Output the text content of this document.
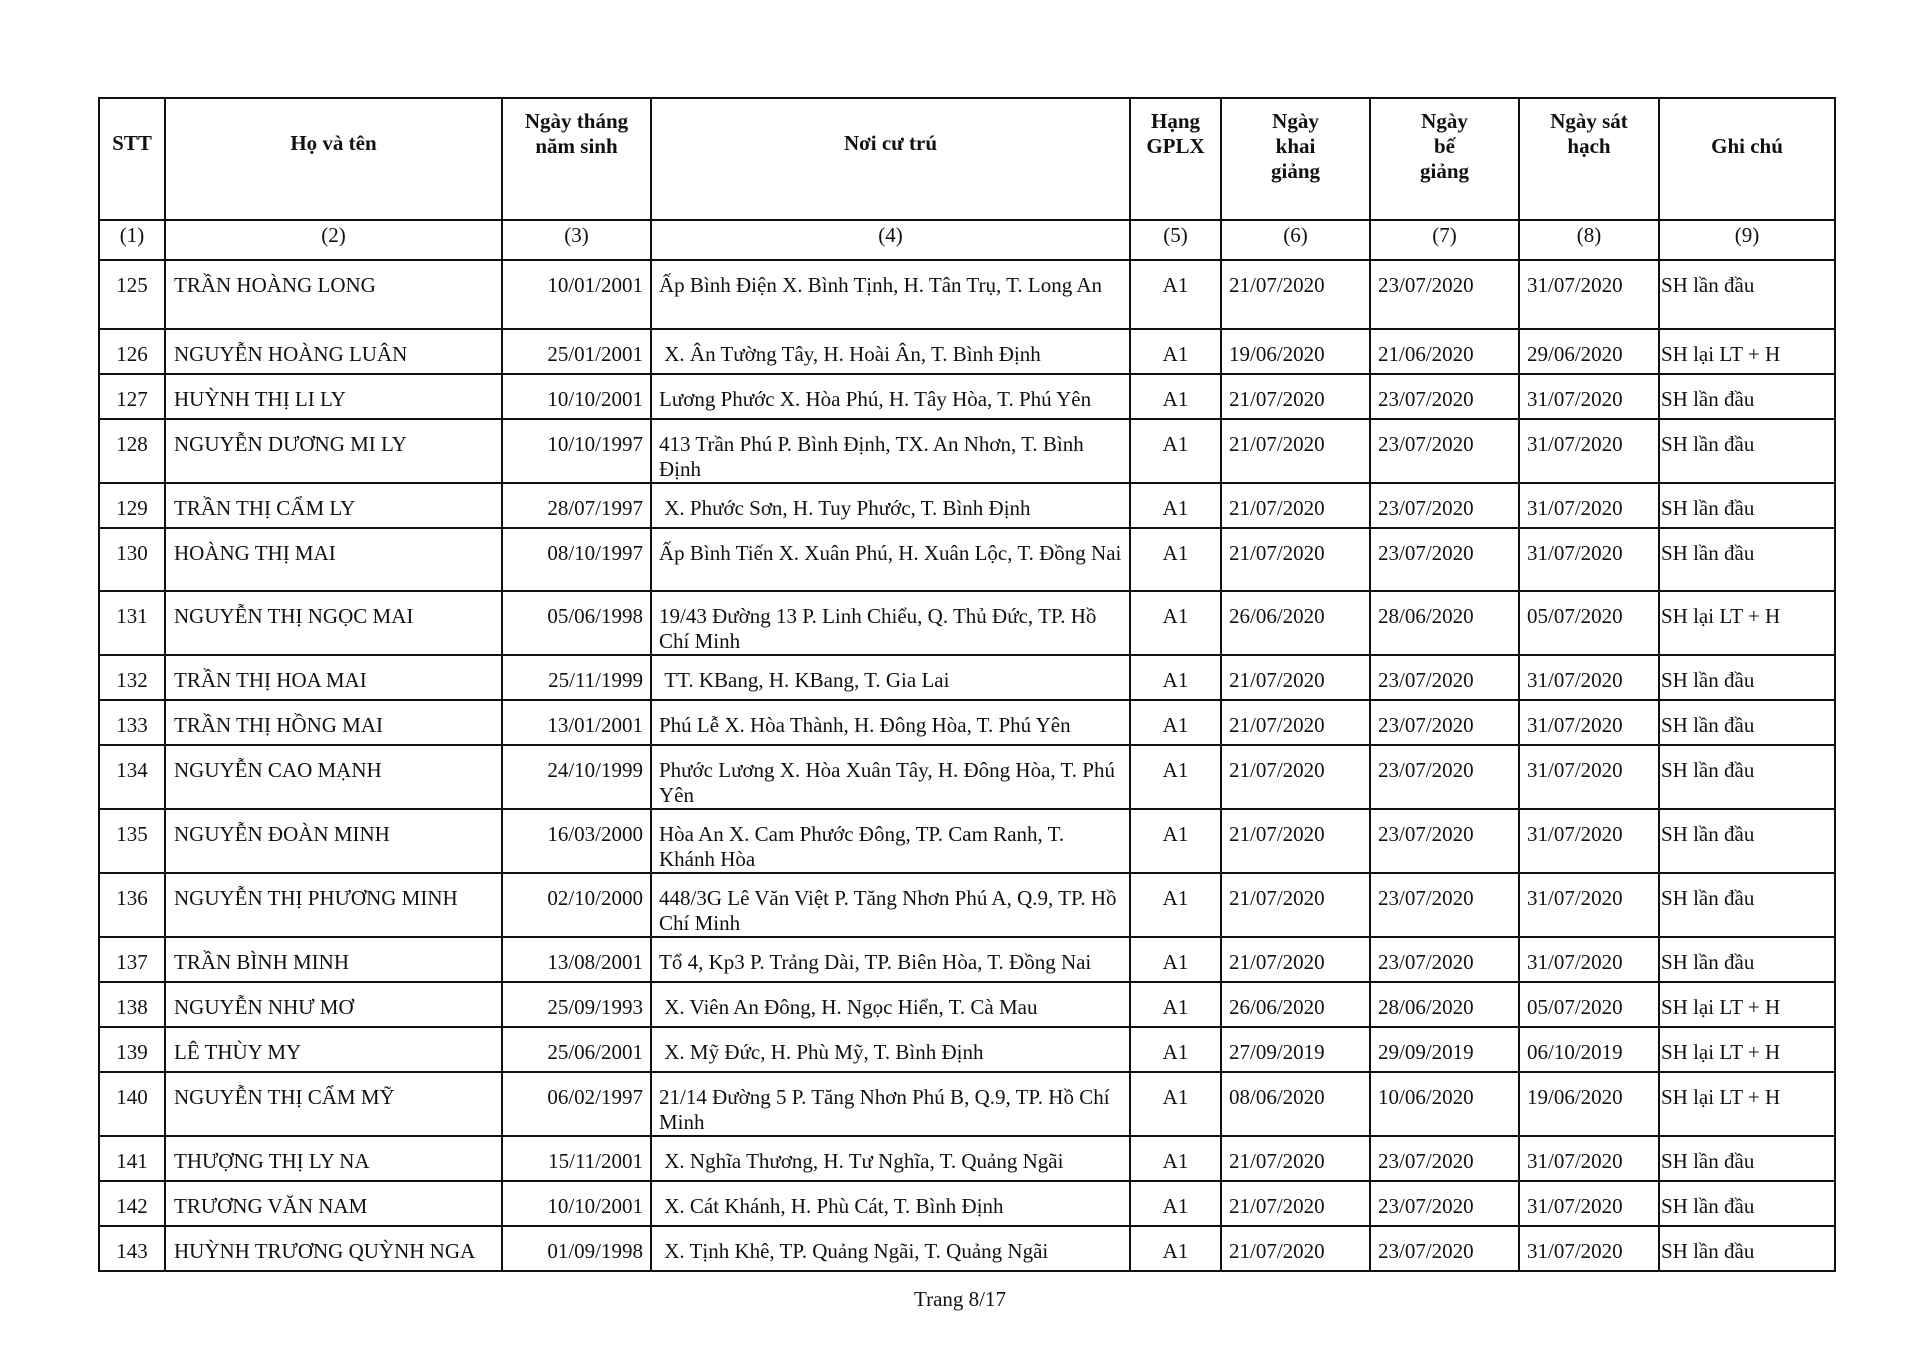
STT	Họ và tên	Ngày tháng năm sinh	Nơi cư trú	Hạng GPLX	Ngày khai giảng	Ngày bế giảng	Ngày sát hạch	Ghi chú
(1)	(2)	(3)	(4)	(5)	(6)	(7)	(8)	(9)
125	TRẦN HOÀNG LONG	10/01/2001	Ấp Bình Điện X. Bình Tịnh, H. Tân Trụ, T. Long An	A1	21/07/2020	23/07/2020	31/07/2020	SH lần đầu
126	NGUYỄN HOÀNG LUÂN	25/01/2001	X. Ân Tường Tây, H. Hoài Ân, T. Bình Định	A1	19/06/2020	21/06/2020	29/06/2020	SH lại LT + H
127	HUỲNH THỊ LI LY	10/10/2001	Lương Phước X. Hòa Phú, H. Tây Hòa, T. Phú Yên	A1	21/07/2020	23/07/2020	31/07/2020	SH lần đầu
128	NGUYỄN DƯƠNG MI LY	10/10/1997	413 Trần Phú P. Bình Định, TX. An Nhơn, T. Bình Định	A1	21/07/2020	23/07/2020	31/07/2020	SH lần đầu
129	TRẦN THỊ CẨM LY	28/07/1997	X. Phước Sơn, H. Tuy Phước, T. Bình Định	A1	21/07/2020	23/07/2020	31/07/2020	SH lần đầu
130	HOÀNG THỊ MAI	08/10/1997	Ấp Bình Tiến X. Xuân Phú, H. Xuân Lộc, T. Đồng Nai	A1	21/07/2020	23/07/2020	31/07/2020	SH lần đầu
131	NGUYỄN THỊ NGỌC MAI	05/06/1998	19/43 Đường 13 P. Linh Chiểu, Q. Thủ Đức, TP. Hồ Chí Minh	A1	26/06/2020	28/06/2020	05/07/2020	SH lại LT + H
132	TRẦN THỊ HOA MAI	25/11/1999	TT. KBang, H. KBang, T. Gia Lai	A1	21/07/2020	23/07/2020	31/07/2020	SH lần đầu
133	TRẦN THỊ HỒNG MAI	13/01/2001	Phú Lễ X. Hòa Thành, H. Đông Hòa, T. Phú Yên	A1	21/07/2020	23/07/2020	31/07/2020	SH lần đầu
134	NGUYỄN CAO MẠNH	24/10/1999	Phước Lương X. Hòa Xuân Tây, H. Đông Hòa, T. Phú Yên	A1	21/07/2020	23/07/2020	31/07/2020	SH lần đầu
135	NGUYỄN ĐOÀN MINH	16/03/2000	Hòa An X. Cam Phước Đông, TP. Cam Ranh, T. Khánh Hòa	A1	21/07/2020	23/07/2020	31/07/2020	SH lần đầu
136	NGUYỄN THỊ PHƯƠNG MINH	02/10/2000	448/3G Lê Văn Việt P. Tăng Nhơn Phú A, Q.9, TP. Hồ Chí Minh	A1	21/07/2020	23/07/2020	31/07/2020	SH lần đầu
137	TRẦN BÌNH MINH	13/08/2001	Tổ 4, Kp3 P. Trảng Dài, TP. Biên Hòa, T. Đồng Nai	A1	21/07/2020	23/07/2020	31/07/2020	SH lần đầu
138	NGUYỄN NHƯ MƠ	25/09/1993	X. Viên An Đông, H. Ngọc Hiển, T. Cà Mau	A1	26/06/2020	28/06/2020	05/07/2020	SH lại LT + H
139	LÊ THÙY MY	25/06/2001	X. Mỹ Đức, H. Phù Mỹ, T. Bình Định	A1	27/09/2019	29/09/2019	06/10/2019	SH lại LT + H
140	NGUYỄN THỊ CẨM MỸ	06/02/1997	21/14 Đường 5 P. Tăng Nhơn Phú B, Q.9, TP. Hồ Chí Minh	A1	08/06/2020	10/06/2020	19/06/2020	SH lại LT + H
141	THƯỢNG THỊ LY NA	15/11/2001	X. Nghĩa Thương, H. Tư Nghĩa, T. Quảng Ngãi	A1	21/07/2020	23/07/2020	31/07/2020	SH lần đầu
142	TRƯƠNG VĂN NAM	10/10/2001	X. Cát Khánh, H. Phù Cát, T. Bình Định	A1	21/07/2020	23/07/2020	31/07/2020	SH lần đầu
143	HUỲNH TRƯƠNG QUỲNH NGA	01/09/1998	X. Tịnh Khê, TP. Quảng Ngãi, T. Quảng Ngãi	A1	21/07/2020	23/07/2020	31/07/2020	SH lần đầu
Trang 8/17
